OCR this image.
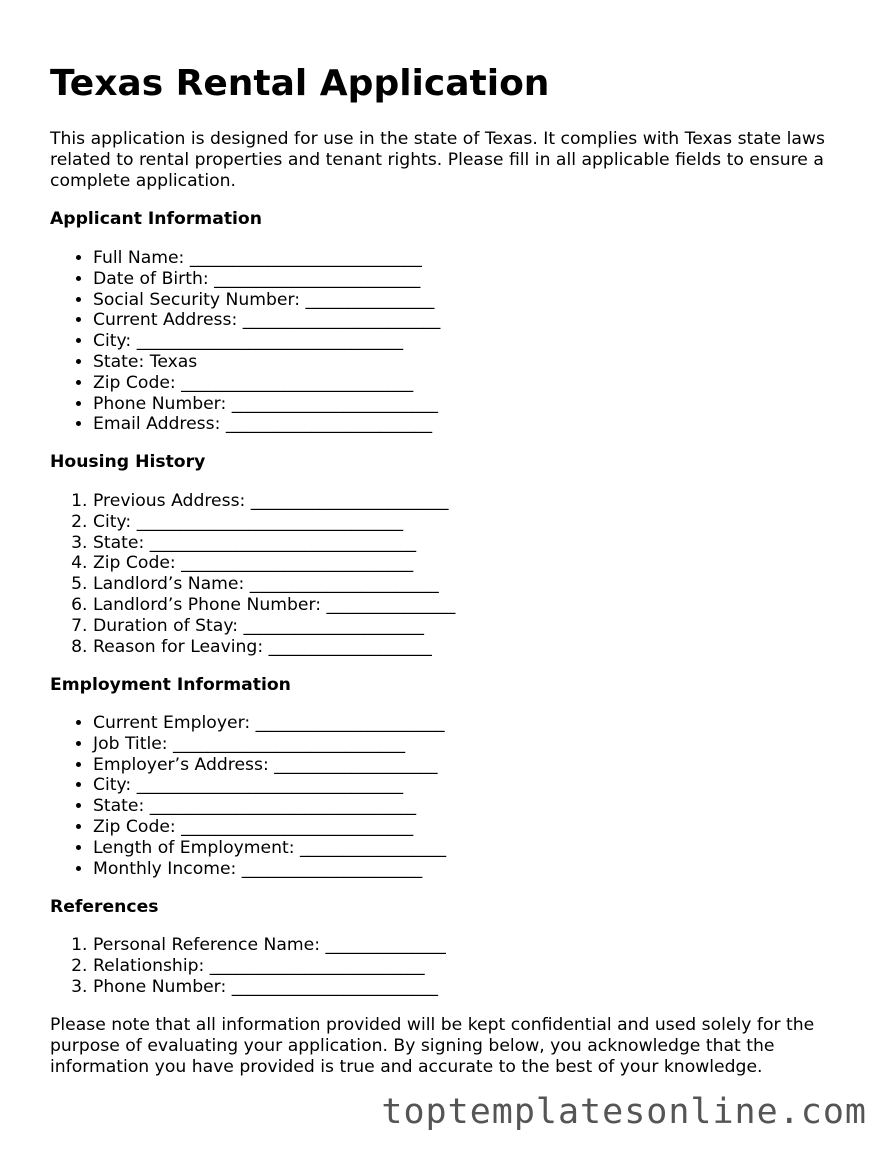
Texas Rental Application

This application is designed for use in the state of Texas. It complies with Texas state laws related to rental properties and tenant rights. Please fill in all applicable fields to ensure a complete application.

Applicant Information
• Full Name: ___________________________
• Date of Birth: ________________________
• Social Security Number: _______________
• Current Address: _______________________
• City: _______________________________
• State: Texas
• Zip Code: ___________________________
• Phone Number: ________________________
• Email Address: ________________________
Housing History
1. Previous Address: _______________________
2. City: _______________________________
3. State: _______________________________
4. Zip Code: ___________________________
5. Landlord’s Name: ______________________
6. Landlord’s Phone Number: _______________
7. Duration of Stay: _____________________
8. Reason for Leaving: ___________________
Employment Information
• Current Employer: ______________________
• Job Title: ___________________________
• Employer’s Address: ___________________
• City: _______________________________
• State: _______________________________
• Zip Code: ___________________________
• Length of Employment: _________________
• Monthly Income: _____________________
References
1. Personal Reference Name: ______________
2. Relationship: _________________________
3. Phone Number: ________________________

Please note that all information provided will be kept confidential and used solely for the purpose of evaluating your application. By signing below, you acknowledge that the information you have provided is true and accurate to the best of your knowledge.

toptemplatesonline.com
